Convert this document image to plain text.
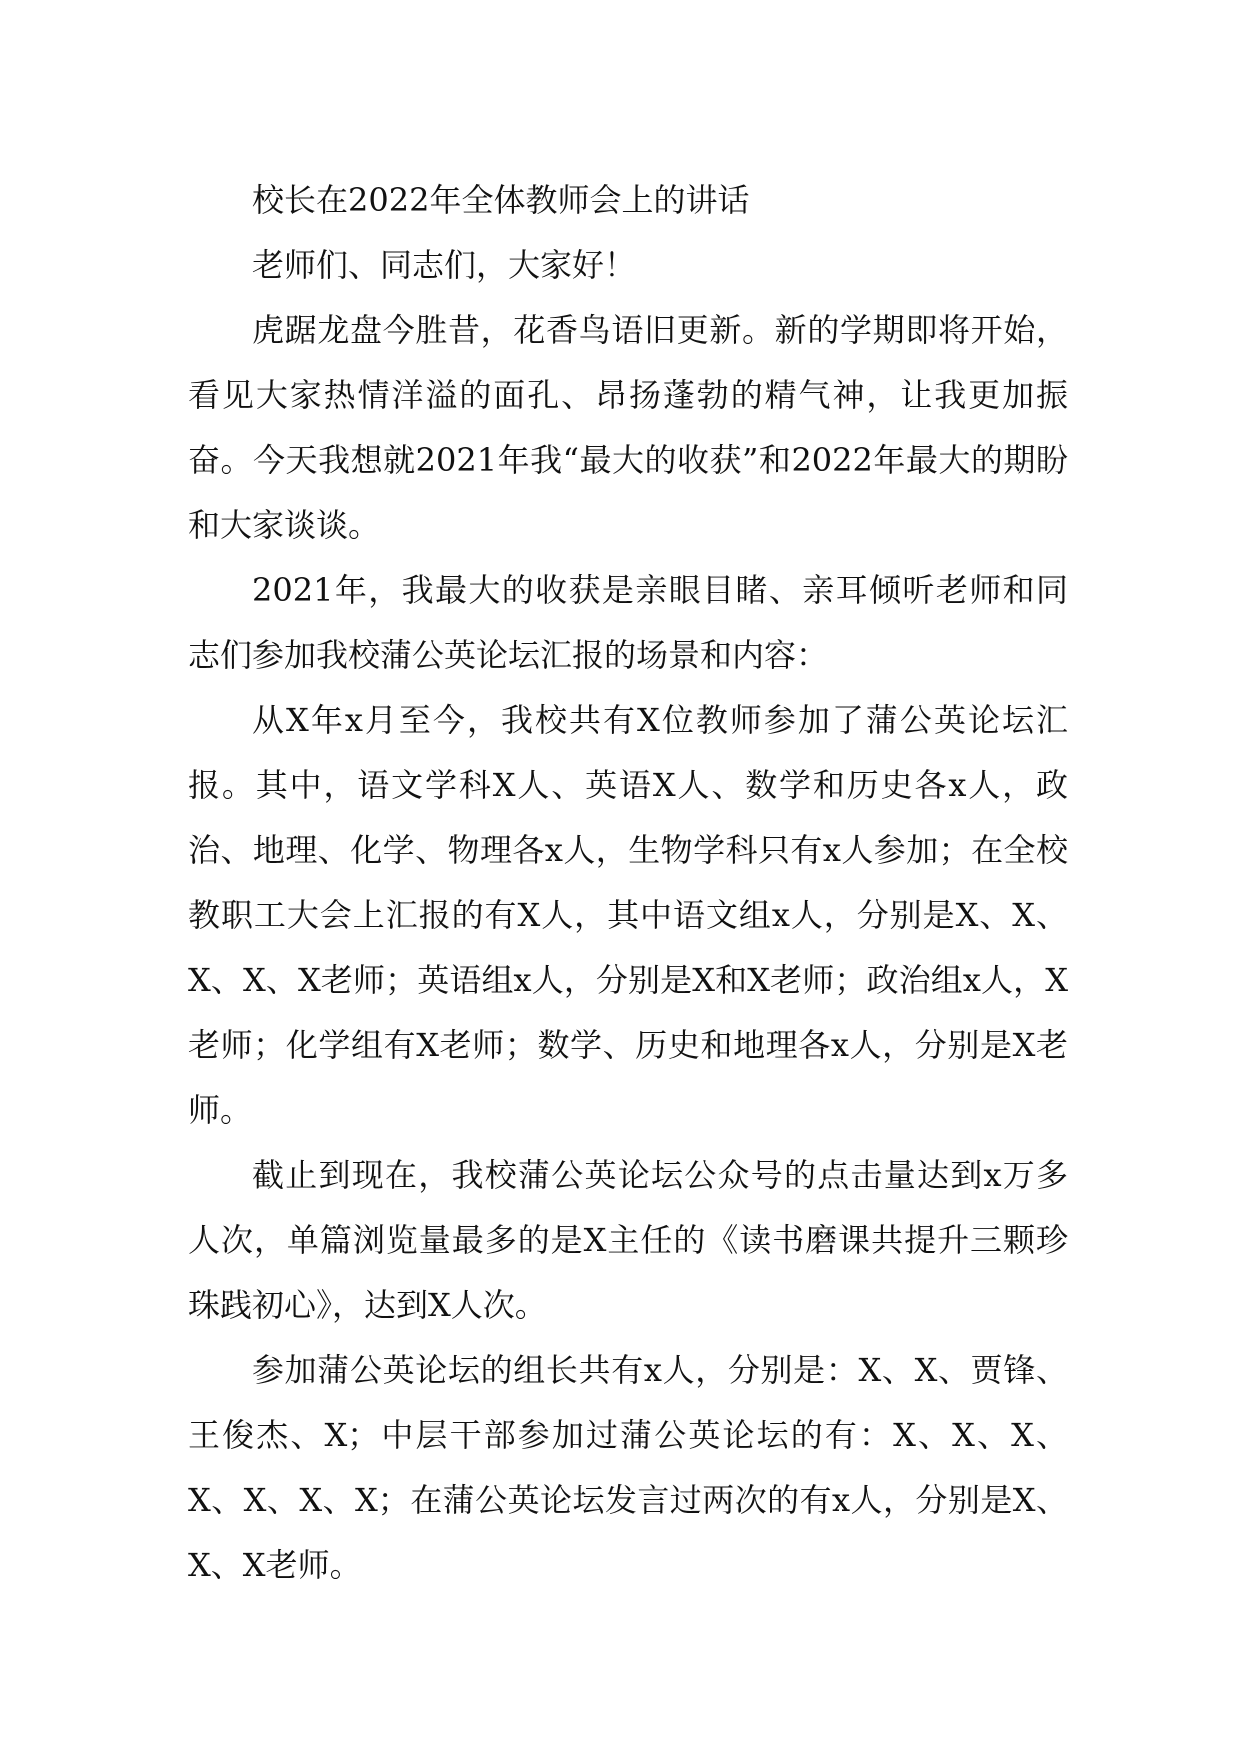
校长在2022年全体教师会上的讲话

老师们、同志们，大家好！

虎踞龙盘今胜昔，花香鸟语旧更新。新的学期即将开始，看见大家热情洋溢的面孔、昂扬蓬勃的精气神，让我更加振奋。今天我想就2021年我“最大的收获”和2022年最大的期盼和大家谈谈。

2021年，我最大的收获是亲眼目睹、亲耳倾听老师和同志们参加我校蒲公英论坛汇报的场景和内容：

从X年x月至今，我校共有X位教师参加了蒲公英论坛汇报。其中，语文学科X人、英语X人、数学和历史各x人，政治、地理、化学、物理各x人，生物学科只有x人参加；在全校教职工大会上汇报的有X人，其中语文组x人，分别是X、X、X、X、X老师；英语组x人，分别是X和X老师；政治组x人，X老师；化学组有X老师；数学、历史和地理各x人，分别是X老师。

截止到现在，我校蒲公英论坛公众号的点击量达到x万多人次，单篇浏览量最多的是X主任的《读书磨课共提升三颗珍珠践初心》，达到X人次。

参加蒲公英论坛的组长共有x人，分别是：X、X、贾锋、王俊杰、X；中层干部参加过蒲公英论坛的有：X、X、X、X、X、X、X；在蒲公英论坛发言过两次的有x人，分别是X、X、X老师。
